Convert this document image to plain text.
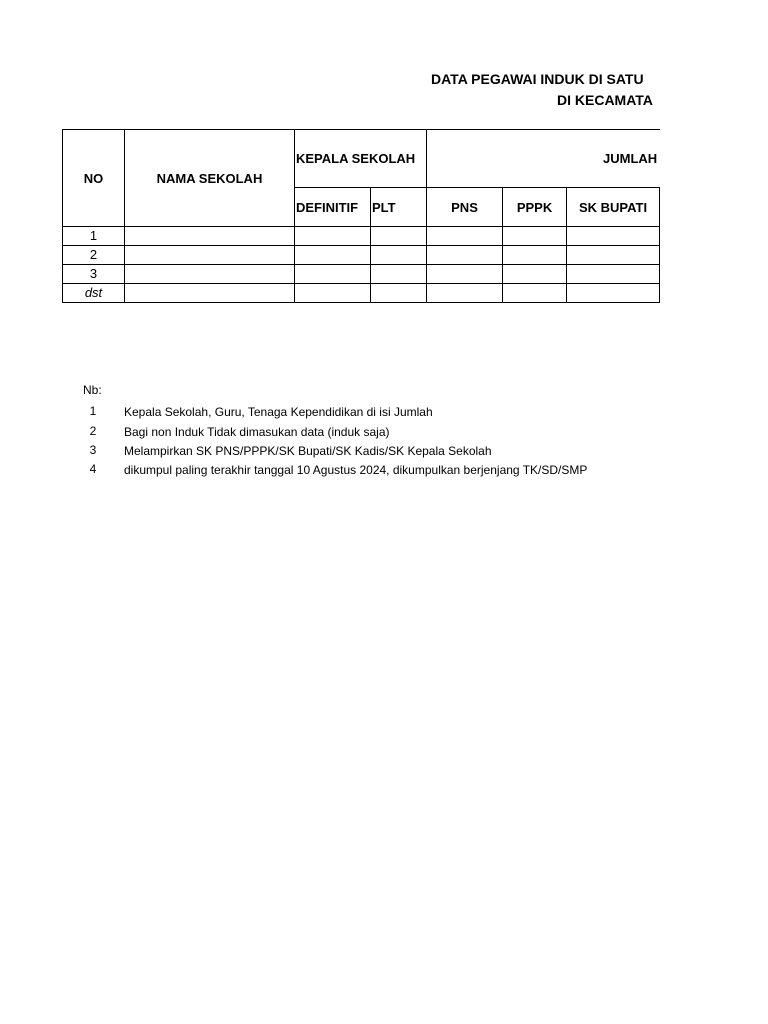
DATA PEGAWAI INDUK DI SATU
DI KECAMATA
NO	NAMA SEKOLAH	KEPALA SEKOLAH		JUMLAH			
		DEFINITIF	PLT	PNS	PPPK	SK BUPATI	
1							
2							
3							
dst							
Nb:
1	Kepala Sekolah, Guru, Tenaga Kependidikan di isi Jumlah
2	Bagi non Induk Tidak dimasukan data (induk saja)
3	Melampirkan SK PNS/PPPK/SK Bupati/SK Kadis/SK Kepala Sekolah
4	dikumpul paling terakhir tanggal 10 Agustus 2024, dikumpulkan berjenjang TK/SD/SMP
